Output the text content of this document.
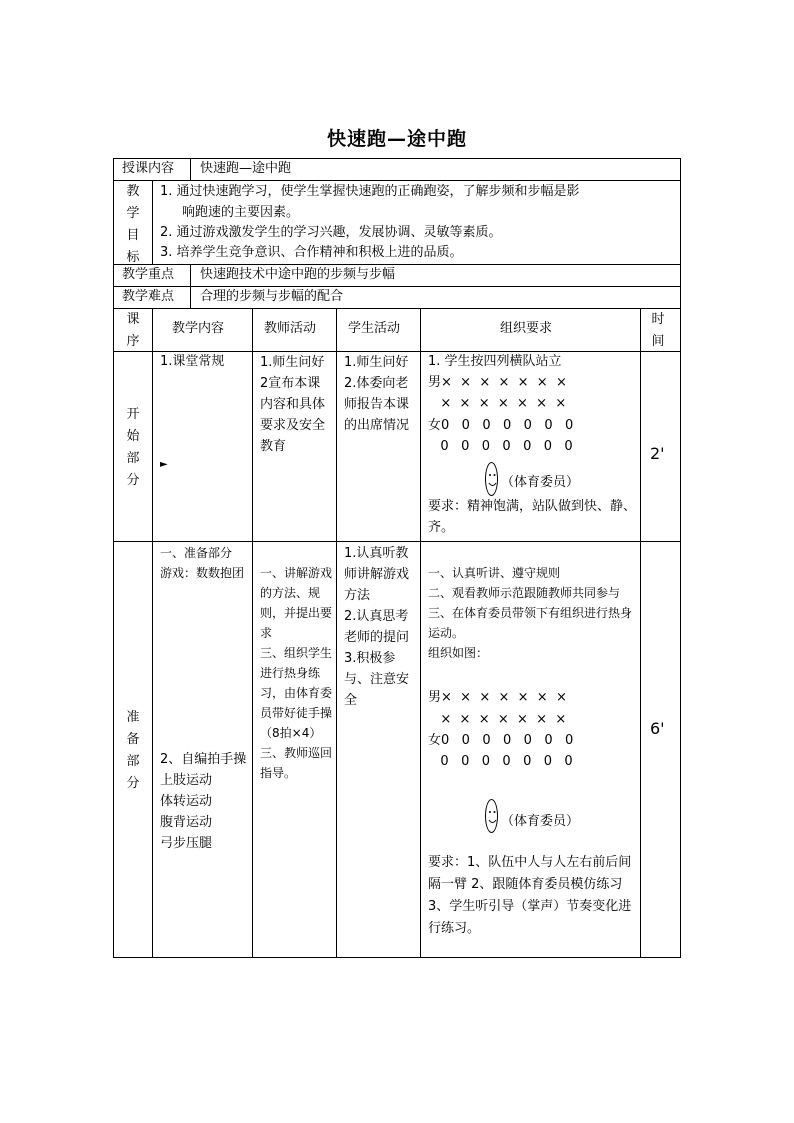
快速跑—途中跑
授课内容 快速跑—途中跑
教学目标
1. 通过快速跑学习，使学生掌握快速跑的正确跑姿，了解步频和步幅是影
响跑速的主要因素。
2. 通过游戏激发学生的学习兴趣，发展协调、灵敏等素质。
3. 培养学生竞争意识、合作精神和积极上进的品质。
教学重点 快速跑技术中途中跑的步频与步幅
教学难点 合理的步频与步幅的配合
课序
教学内容	教师活动 学生活动	组织要求
时间
开始部分
1.课堂常规
►
1.师生问好
2宣布本课内容和具体要求及安全教育
1.师生问好
2.体委向老师报告本课的出席情况
1. 学生按四列横队站立
男×  ×  ×  ×  ×  ×  ×
×  ×  ×  ×  ×  ×  ×
女0   0   0   0   0   0   0
0   0   0   0   0   0   0
（体育委员）
要求：精神饱满，站队做到快、静、齐。
2'
准备部分
一、准备部分
游戏：数数抱团
2、自编拍手操
上肢运动
体转运动
腹背运动
弓步压腿
一、讲解游戏的方法、规则，并提出要求
三、组织学生进行热身练习，由体育委员带好徒手操（8拍×4）
三、教师巡回指导。
1.认真听教师讲解游戏方法
2.认真思考老师的提问
3.积极参与、注意安全
一、认真听讲、遵守规则
二、观看教师示范跟随教师共同参与
三、在体育委员带领下有组织进行热身运动。
组织如图：
男×  ×  ×  ×  ×  ×  ×
×  ×  ×  ×  ×  ×  ×
女0   0   0   0   0   0   0
0   0   0   0   0   0   0
（体育委员）
要求：1、队伍中人与人左右前后间隔一臂 2、跟随体育委员模仿练习 3、学生听引导（掌声）节奏变化进行练习。
6'
